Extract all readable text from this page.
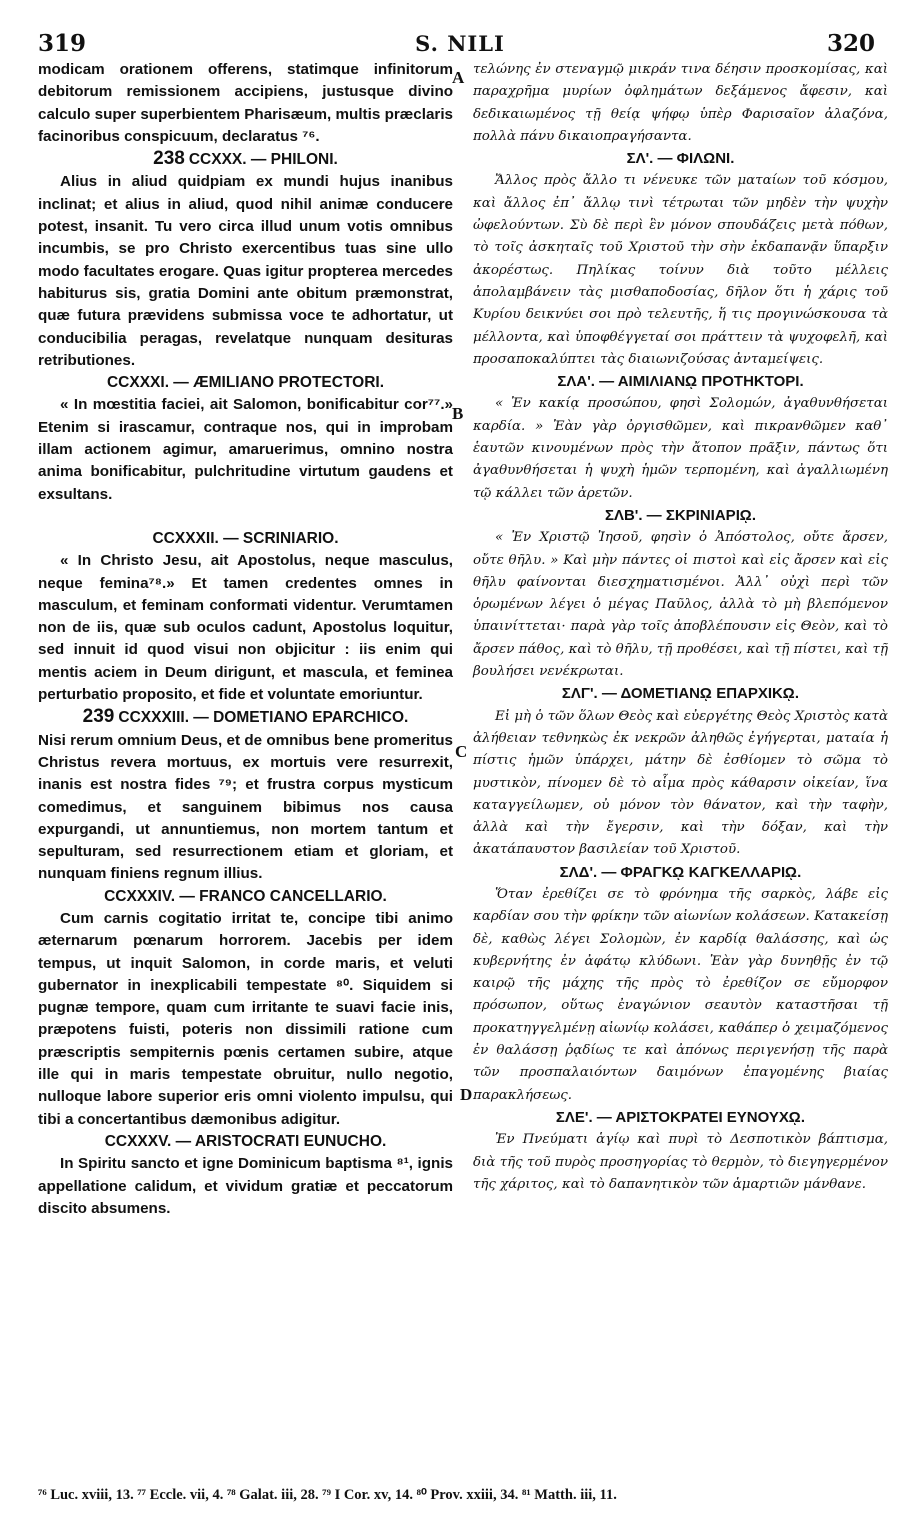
319	S. NILI	320
A
B
C
D

modicam orationem offerens, statimque infinitorum debitorum remissionem accipiens, justusque divino calculo super superbientem Pharisæum, multis præclaris facinoribus conspicuum, declaratus ⁷⁶.

238 CCXXX. — PHILONI.

Alius in aliud quidpiam ex mundi hujus inanibus inclinat; et alius in aliud, quod nihil animæ conducere potest, insanit. Tu vero circa illud unum votis omnibus incumbis, se pro Christo exercentibus tuas sine ullo modo facultates erogare. Quas igitur propterea mercedes habiturus sis, gratia Domini ante obitum præmonstrat, quæ futura prævidens submissa voce te adhortatur, ut conducibilia peragas, revelatque nunquam desituras retributiones.

CCXXXI. — ÆMILIANO PROTECTORI.

« In mœstitia faciei, ait Salomon, bonificabitur cor⁷⁷.» Etenim si irascamur, contraque nos, qui in improbam illam actionem agimur, amaruerimus, omnino nostra anima bonificabitur, pulchritudine virtutum gaudens et exsultans.

CCXXXII. — SCRINIARIO.

« In Christo Jesu, ait Apostolus, neque masculus, neque femina⁷⁸.» Et tamen credentes omnes in masculum, et feminam conformati videntur. Verumtamen non de iis, quæ sub oculos cadunt, Apostolus loquitur, sed innuit id quod visui non objicitur : iis enim qui mentis aciem in Deum dirigunt, et mascula, et feminea perturbatio proposito, et fide et voluntate emoriuntur.

239 CCXXXIII. — DOMETIANO EPARCHICO.

Nisi rerum omnium Deus, et de omnibus bene promeritus Christus revera mortuus, ex mortuis vere resurrexit, inanis est nostra fides ⁷⁹; et frustra corpus mysticum comedimus, et sanguinem bibimus nos causa expurgandi, ut annuntiemus, non mortem tantum et sepulturam, sed resurrectionem etiam et gloriam, et nunquam finiens regnum illius.

CCXXXIV. — FRANCO CANCELLARIO.

Cum carnis cogitatio irritat te, concipe tibi animo æternarum pœnarum horrorem. Jacebis per idem tempus, ut inquit Salomon, in corde maris, et veluti gubernator in inexplicabili tempestate ⁸⁰. Siquidem si pugnæ tempore, quam cum irritante te suavi facie inis, præpotens fuisti, poteris non dissimili ratione cum præscriptis sempiternis pœnis certamen subire, atque ille qui in maris tempestate obruitur, nullo negotio, nulloque labore superior eris omni violento impulsu, qui tibi a concertantibus dæmonibus adigitur.

CCXXXV. — ARISTOCRATI EUNUCHO.

In Spiritu sancto et igne Dominicum baptisma ⁸¹, ignis appellatione calidum, et vividum gratiæ et peccatorum discito absumens.

τελώνης ἐν στεναγμῷ μικράν τινα δέησιν προσκομίσας, καὶ παραχρῆμα μυρίων ὀφλημάτων δεξάμενος ἄφεσιν, καὶ δεδικαιωμένος τῇ θείᾳ ψήφῳ ὑπὲρ Φαρισαῖον ἀλαζόνα, πολλὰ πάνυ δικαιοπραγήσαντα.

ΣΛ'. — ΦΙΛΩΝΙ.

Ἄλλος πρὸς ἄλλο τι νένευκε τῶν ματαίων τοῦ κόσμου, καὶ ἄλλος ἐπ᾽ ἄλλῳ τινὶ τέτρωται τῶν μηδὲν τὴν ψυχὴν ὠφελούντων. Σὺ δὲ περὶ ἓν μόνον σπουδάζεις μετὰ πόθων, τὸ τοῖς ἀσκηταῖς τοῦ Χριστοῦ τὴν σὴν ἐκδαπανᾷν ὕπαρξιν ἀκορέστως. Πηλίκας τοίνυν διὰ τοῦτο μέλλεις ἀπολαμβάνειν τὰς μισθαποδοσίας, δῆλον ὅτι ἡ χάρις τοῦ Κυρίου δεικνύει σοι πρὸ τελευτῆς, ἥ τις προγινώσκουσα τὰ μέλλοντα, καὶ ὑποφθέγγεταί σοι πράττειν τὰ ψυχοφελῆ, καὶ προσαποκαλύπτει τὰς διαιωνιζούσας ἀνταμείψεις.

ΣΛΑ'. — ΑΙΜΙΛΙΑΝῼ ΠΡΟΤΗΚΤΟΡΙ.

« Ἐν κακίᾳ προσώπου, φησὶ Σολομών, ἀγαθυνθήσεται καρδία. » Ἐὰν γὰρ ὀργισθῶμεν, καὶ πικρανθῶμεν καθ᾽ ἑαυτῶν κινουμένων πρὸς τὴν ἄτοπον πρᾶξιν, πάντως ὅτι ἀγαθυνθήσεται ἡ ψυχὴ ἡμῶν τερπομένη, καὶ ἀγαλλιωμένη τῷ κάλλει τῶν ἀρετῶν.

ΣΛΒ'. — ΣΚΡΙΝΙΑΡΙῼ.

« Ἐν Χριστῷ Ἰησοῦ, φησὶν ὁ Ἀπόστολος, οὔτε ἄρσεν, οὔτε θῆλυ. » Καὶ μὴν πάντες οἱ πιστοὶ καὶ εἰς ἄρσεν καὶ εἰς θῆλυ φαίνονται διεσχηματισμένοι. Ἀλλ᾽ οὐχὶ περὶ τῶν ὁρωμένων λέγει ὁ μέγας Παῦλος, ἀλλὰ τὸ μὴ βλεπόμενον ὑπαινίττεται· παρὰ γὰρ τοῖς ἀποβλέπουσιν εἰς Θεὸν, καὶ τὸ ἄρσεν πάθος, καὶ τὸ θῆλυ, τῇ προθέσει, καὶ τῇ πίστει, καὶ τῇ βουλήσει νενέκρωται.

ΣΛΓ'. — ΔΟΜΕΤΙΑΝῼ ΕΠΑΡΧΙΚῼ.

Εἰ μὴ ὁ τῶν ὅλων Θεὸς καὶ εὐεργέτης Θεὸς Χριστὸς κατὰ ἀλήθειαν τεθνηκὼς ἐκ νεκρῶν ἀληθῶς ἐγήγερται, ματαία ἡ πίστις ἡμῶν ὑπάρχει, μάτην δὲ ἐσθίομεν τὸ σῶμα τὸ μυστικὸν, πίνομεν δὲ τὸ αἷμα πρὸς κάθαρσιν οἰκείαν, ἵνα καταγγείλωμεν, οὐ μόνον τὸν θάνατον, καὶ τὴν ταφὴν, ἀλλὰ καὶ τὴν ἔγερσιν, καὶ τὴν δόξαν, καὶ τὴν ἀκατάπαυστον βασιλείαν τοῦ Χριστοῦ.

ΣΛΔ'. — ΦΡΑΓΚῼ ΚΑΓΚΕΛΛΑΡΙῼ.

Ὅταν ἐρεθίζει σε τὸ φρόνημα τῆς σαρκὸς, λάβε εἰς καρδίαν σου τὴν φρίκην τῶν αἰωνίων κολάσεων. Κατακείσῃ δὲ, καθὼς λέγει Σολομὼν, ἐν καρδίᾳ θαλάσσης, καὶ ὡς κυβερνήτης ἐν ἀφάτῳ κλύδωνι. Ἐὰν γὰρ δυνηθῇς ἐν τῷ καιρῷ τῆς μάχης τῆς πρὸς τὸ ἐρεθίζον σε εὔμορφον πρόσωπον, οὕτως ἐναγώνιον σεαυτὸν καταστῆσαι τῇ προκατηγγελμένῃ αἰωνίῳ κολάσει, καθάπερ ὁ χειμαζόμενος ἐν θαλάσσῃ ῥᾳδίως τε καὶ ἀπόνως περιγενήσῃ τῆς παρὰ τῶν προσπαλαιόντων δαιμόνων ἐπαγομένης βιαίας παρακλήσεως.

ΣΛΕ'. — ΑΡΙΣΤΟΚΡΑΤΕΙ ΕΥΝΟΥΧῼ.

Ἐν Πνεύματι ἁγίῳ καὶ πυρὶ τὸ Δεσποτικὸν βάπτισμα, διὰ τῆς τοῦ πυρὸς προσηγορίας τὸ θερμὸν, τὸ διεγηγερμένον τῆς χάριτος, καὶ τὸ δαπανητικὸν τῶν ἁμαρτιῶν μάνθανε.

⁷⁶ Luc. xviii, 13. ⁷⁷ Eccle. vii, 4. ⁷⁸ Galat. iii, 28. ⁷⁹ I Cor. xv, 14. ⁸⁰ Prov. xxiii, 34. ⁸¹ Matth. iii, 11.
